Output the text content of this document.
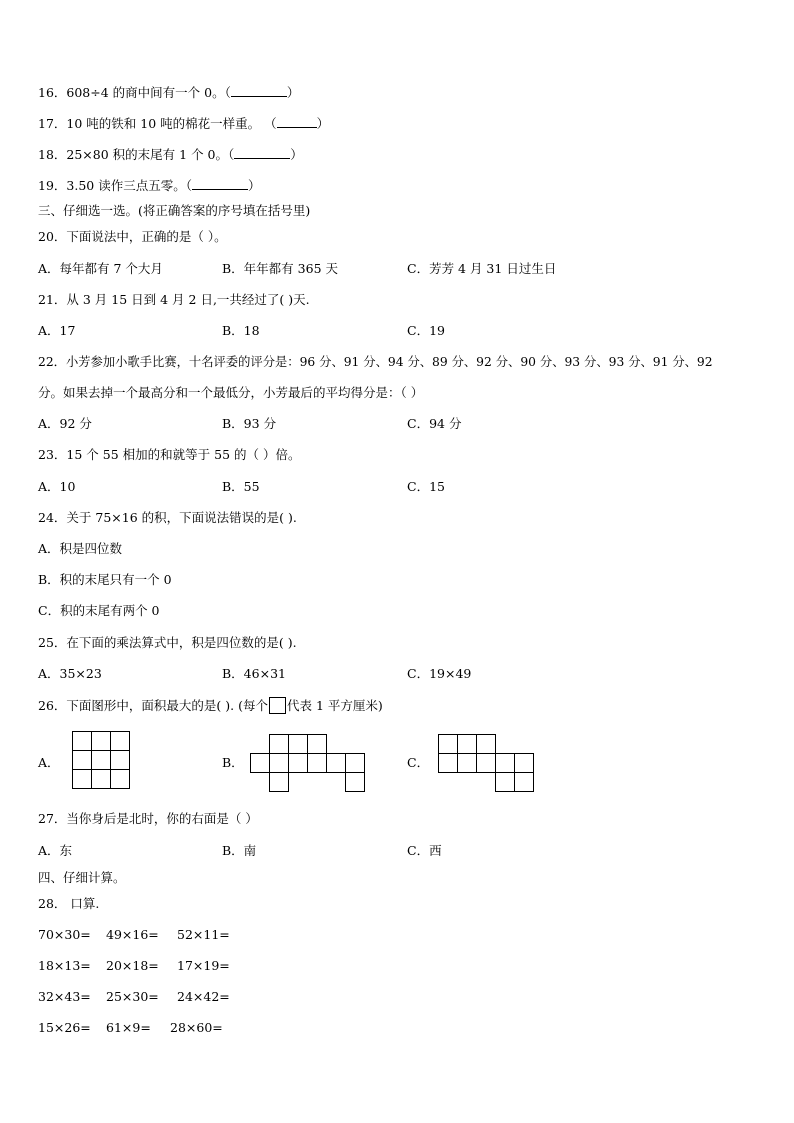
16．608÷4 的商中间有一个 0。（	）
17．10 吨的铁和 10 吨的棉花一样重。 （	）
18．25×80 积的末尾有 1 个 0。（	）
19．3.50 读作三点五零。（	）
三、仔细选一选。(将正确答案的序号填在括号里)
20．下面说法中，正确的是（ ）。
A．每年都有 7 个大月	B．年年都有 365 天	C．芳芳 4 月 31 日过生日
21．从 3 月 15 日到 4 月 2 日,一共经过了( )天.
A．17	B．18	C．19
22．小芳参加小歌手比赛，十名评委的评分是：96 分、91 分、94 分、89 分、92 分、90 分、93 分、93 分、91 分、92
分。如果去掉一个最高分和一个最低分，小芳最后的平均得分是：（ ）
A．92 分	B．93 分	C．94 分
23．15 个 55 相加的和就等于 55 的（ ）倍。
A．10	B．55	C．15
24．关于 75×16 的积，下面说法错误的是( ).
A．积是四位数
B．积的末尾只有一个 0
C．积的末尾有两个 0
25．在下面的乘法算式中，积是四位数的是( ).
A．35×23	B．46×31	C．19×49
26．下面图形中，面积最大的是( ). (每个 代表 1 平方厘米)
A．	B．	C．
27．当你身后是北时，你的右面是（ ）
A．东	B．南	C．西
四、仔细计算。
28． 口算.
70×30= 49×16= 52×11=
18×13= 20×18= 17×19=
32×43= 25×30= 24×42=
15×26= 61×9= 28×60=
